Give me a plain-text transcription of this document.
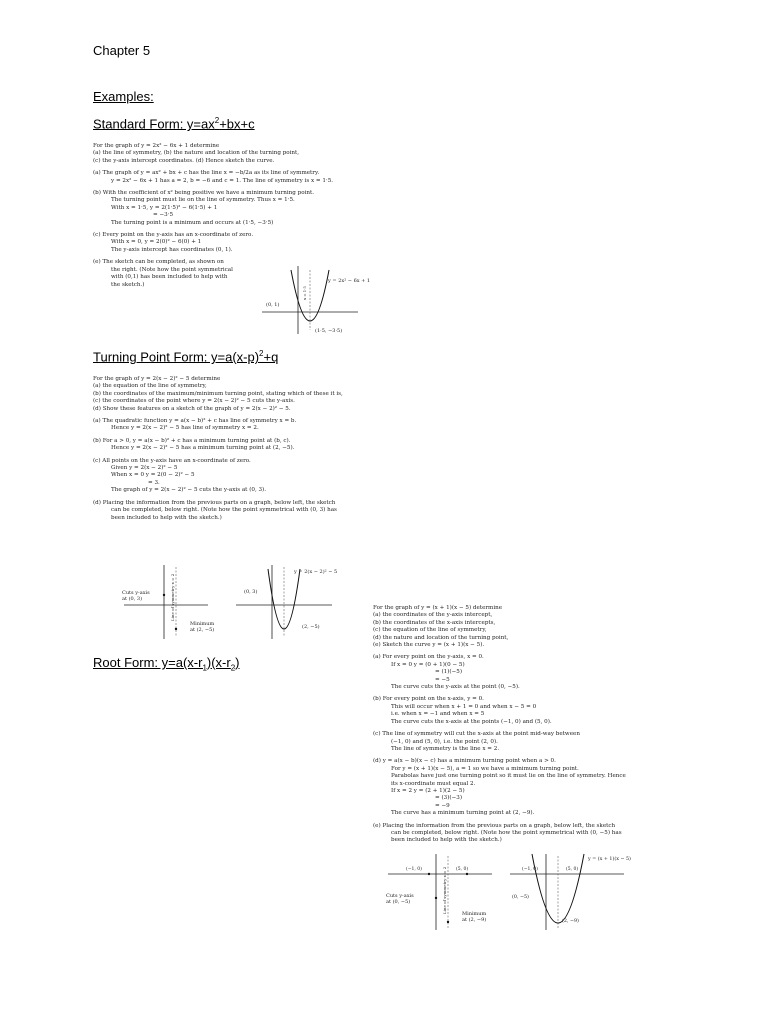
Chapter 5
Examples:
Standard Form: $y=ax^2+bx+c$
For the graph of y = 2x² − 6x + 1 determine
(a) the line of symmetry, (b) the nature and location of the turning point,
(c) the y-axis intercept coordinates. (d) Hence sketch the curve.
(a) The graph of y = ax² + bx + c has the line x = −b/2a as its line of symmetry.
y = 2x² − 6x + 1 has a = 2, b = −6 and c = 1. The line of symmetry is x = 1·5.
(b) With the coefficient of x² being positive we have a minimum turning point.
The turning point must lie on the line of symmetry. Thus x = 1·5.
With x = 1·5, y = 2(1·5)² − 6(1·5) + 1
= −3·5
The turning point is a minimum and occurs at (1·5, −3·5)
(c) Every point on the y-axis has an x-coordinate of zero.
With x = 0, y = 2(0)² − 6(0) + 1
The y-axis intercept has coordinates (0, 1).
(e) The sketch can be completed, as shown on
the right. (Note how the point symmetrical
with (0,1) has been included to help with
the sketch.)
y = 2x² − 6x + 1
(0, 1)
(1·5, −3·5)
x = 1·5
Turning Point Form: $y=a(x-p)^2+q$
For the graph of y = 2(x − 2)² − 5 determine
(a) the equation of the line of symmetry,
(b) the coordinates of the maximum/minimum turning point, stating which of these it is,
(c) the coordinates of the point where y = 2(x − 2)² − 5 cuts the y-axis.
(d) Show these features on a sketch of the graph of y = 2(x − 2)² − 5.
(a) The quadratic function y = a(x − b)² + c has line of symmetry x = b.
Hence y = 2(x − 2)² − 5 has line of symmetry x = 2.
(b) For a > 0, y = a(x − b)² + c has a minimum turning point at (b, c).
Hence y = 2(x − 2)² − 5 has a minimum turning point at (2, −5).
(c) All points on the y-axis have an x-coordinate of zero.
Given y = 2(x − 2)² − 5
When x = 0 y = 2(0 − 2)² − 5
= 3.
The graph of y = 2(x − 2)² − 5 cuts the y-axis at (0, 3).
(d) Placing the information from the previous parts on a graph, below left, the sketch
can be completed, below right. (Note how the point symmetrical with (0, 3) has
been included to help with the sketch.)
Line of symmetry x = 2
Cuts y-axis
at (0, 3)
Minimum
at (2, −5)
y = 2(x − 2)² − 5
(0, 3)
(2, −5)
Root Form: $y=a(x-r_1)(x-r_2)$
For the graph of y = (x + 1)(x − 5) determine
(a) the coordinates of the y-axis intercept,
(b) the coordinates of the x-axis intercepts,
(c) the equation of the line of symmetry,
(d) the nature and location of the turning point,
(e) Sketch the curve y = (x + 1)(x − 5).
(a) For every point on the y-axis, x = 0.
If x = 0 y = (0 + 1)(0 − 5)
= (1)(−5)
= −5
The curve cuts the y-axis at the point (0, −5).
(b) For every point on the x-axis, y = 0.
This will occur when x + 1 = 0 and when x − 5 = 0
i.e. when x = −1 and when x = 5
The curve cuts the x-axis at the points (−1, 0) and (5, 0).
(c) The line of symmetry will cut the x-axis at the point mid-way between
(−1, 0) and (5, 0), i.e. the point (2, 0).
The line of symmetry is the line x = 2.
(d) y = a(x − b)(x − c) has a minimum turning point when a > 0.
For y = (x + 1)(x − 5), a = 1 so we have a minimum turning point.
Parabolas have just one turning point so it must lie on the line of symmetry. Hence
its x-coordinate must equal 2.
If x = 2 y = (2 + 1)(2 − 5)
= (3)(−3)
= −9
The curve has a minimum turning point at (2, −9).
(e) Placing the information from the previous parts on a graph, below left, the sketch
can be completed, below right. (Note how the point symmetrical with (0, −5) has
been included to help with the sketch.)
(−1, 0)	(5, 0)
Line of symmetry x = 2
Cuts y-axis
at (0, −5)
Minimum
at (2, −9)
y = (x + 1)(x − 5)
(−1, 0)	(5, 0)
(0, −5)
(2, −9)
